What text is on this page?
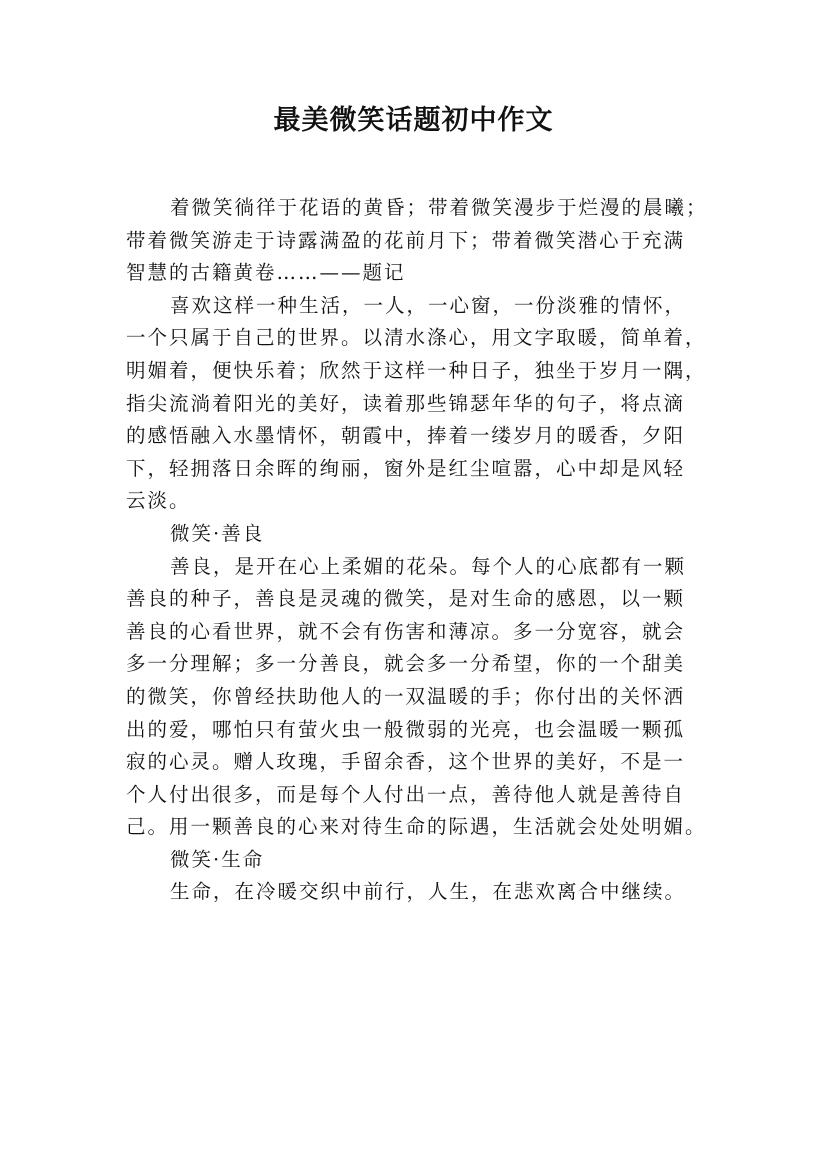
最美微笑话题初中作文
着微笑徜徉于花语的黄昏；带着微笑漫步于烂漫的晨曦；
带着微笑游走于诗露满盈的花前月下；带着微笑潜心于充满
智慧的古籍黄卷……——题记
喜欢这样一种生活，一人，一心窗，一份淡雅的情怀，
一个只属于自己的世界。以清水涤心，用文字取暖，简单着，
明媚着，便快乐着；欣然于这样一种日子，独坐于岁月一隅，
指尖流淌着阳光的美好，读着那些锦瑟年华的句子，将点滴
的感悟融入水墨情怀，朝霞中，捧着一缕岁月的暖香，夕阳
下，轻拥落日余晖的绚丽，窗外是红尘喧嚣，心中却是风轻
云淡。
微笑·善良
善良，是开在心上柔媚的花朵。每个人的心底都有一颗
善良的种子，善良是灵魂的微笑，是对生命的感恩，以一颗
善良的心看世界，就不会有伤害和薄凉。多一分宽容，就会
多一分理解；多一分善良，就会多一分希望，你的一个甜美
的微笑，你曾经扶助他人的一双温暖的手；你付出的关怀洒
出的爱，哪怕只有萤火虫一般微弱的光亮，也会温暖一颗孤
寂的心灵。赠人玫瑰，手留余香，这个世界的美好，不是一
个人付出很多，而是每个人付出一点，善待他人就是善待自
己。用一颗善良的心来对待生命的际遇，生活就会处处明媚。
微笑·生命
生命，在冷暖交织中前行，人生，在悲欢离合中继续。
